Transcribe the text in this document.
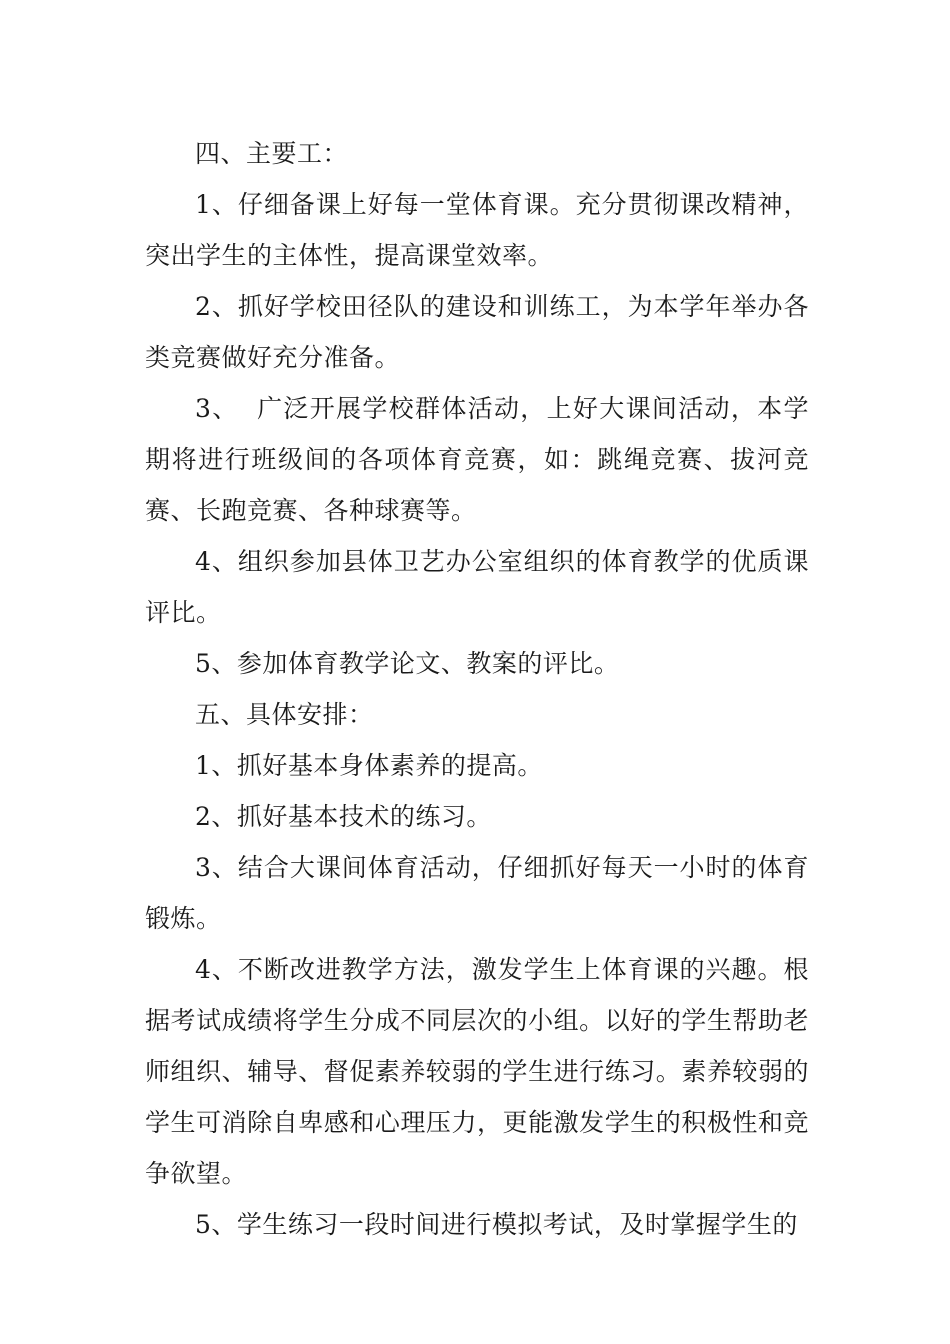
四、主要工：

1、仔细备课上好每一堂体育课。充分贯彻课改精神，突出学生的主体性，提高课堂效率。

2、抓好学校田径队的建设和训练工，为本学年举办各类竞赛做好充分准备。

3、  广泛开展学校群体活动，上好大课间活动，本学期将进行班级间的各项体育竞赛，如：跳绳竞赛、拔河竞赛、长跑竞赛、各种球赛等。

4、组织参加县体卫艺办公室组织的体育教学的优质课评比。

5、参加体育教学论文、教案的评比。

五、具体安排：

1、抓好基本身体素养的提高。

2、抓好基本技术的练习。

3、结合大课间体育活动，仔细抓好每天一小时的体育锻炼。

4、不断改进教学方法，激发学生上体育课的兴趣。根据考试成绩将学生分成不同层次的小组。以好的学生帮助老师组织、辅导、督促素养较弱的学生进行练习。素养较弱的学生可消除自卑感和心理压力，更能激发学生的积极性和竞争欲望。

5、学生练习一段时间进行模拟考试，及时掌握学生的
